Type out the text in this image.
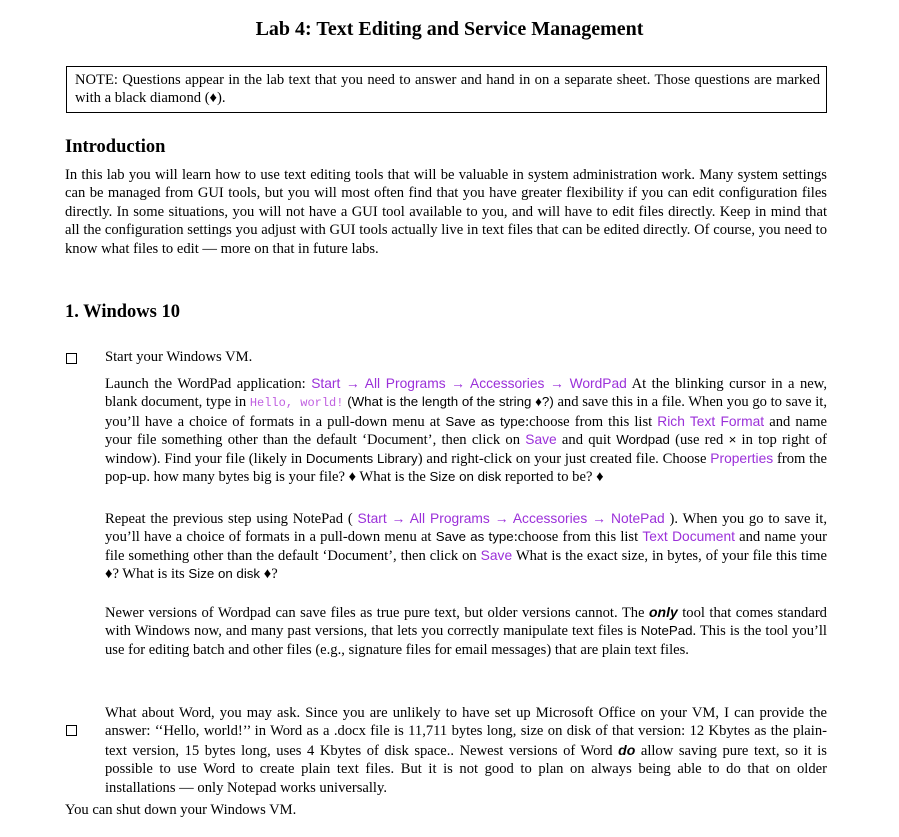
Lab 4: Text Editing and Service Management
NOTE: Questions appear in the lab text that you need to answer and hand in on a separate sheet. Those questions are marked with a black diamond (♦).
Introduction
In this lab you will learn how to use text editing tools that will be valuable in system administration work. Many system settings can be managed from GUI tools, but you will most often find that you have greater flexibility if you can edit configuration files directly. In some situations, you will not have a GUI tool available to you, and will have to edit files directly. Keep in mind that all the configuration settings you adjust with GUI tools actually live in text files that can be edited directly. Of course, you need to know what files to edit — more on that in future labs.
1. Windows 10
Start your Windows VM.
Launch the WordPad application: Start → All Programs → Accessories → WordPad At the blinking cursor in a new, blank document, type in Hello, world! (What is the length of the string ♦?) and save this in a file. When you go to save it, you’ll have a choice of formats in a pull-down menu at Save as type:choose from this list Rich Text Format and name your file something other than the default ‘Document’, then click on Save and quit Wordpad (use red × in top right of window). Find your file (likely in Documents Library) and right-click on your just created file. Choose Properties from the pop-up. how many bytes big is your file? ♦ What is the Size on disk reported to be? ♦
Repeat the previous step using NotePad ( Start → All Programs → Accessories → NotePad ). When you go to save it, you’ll have a choice of formats in a pull-down menu at Save as type:choose from this list Text Document and name your file something other than the default ‘Document’, then click on Save What is the exact size, in bytes, of your file this time ♦? What is its Size on disk ♦?
Newer versions of Wordpad can save files as true pure text, but older versions cannot. The only tool that comes standard with Windows now, and many past versions, that lets you correctly manipulate text files is NotePad. This is the tool you’ll use for editing batch and other files (e.g., signature files for email messages) that are plain text files.
What about Word, you may ask. Since you are unlikely to have set up Microsoft Office on your VM, I can provide the answer: ‘‘Hello, world!’’ in Word as a .docx file is 11,711 bytes long, size on disk of that version: 12 Kbytes as the plain-text version, 15 bytes long, uses 4 Kbytes of disk space.. Newest versions of Word do allow saving pure text, so it is possible to use Word to create plain text files. But it is not good to plan on always being able to do that on older installations — only Notepad works universally.
You can shut down your Windows VM.
